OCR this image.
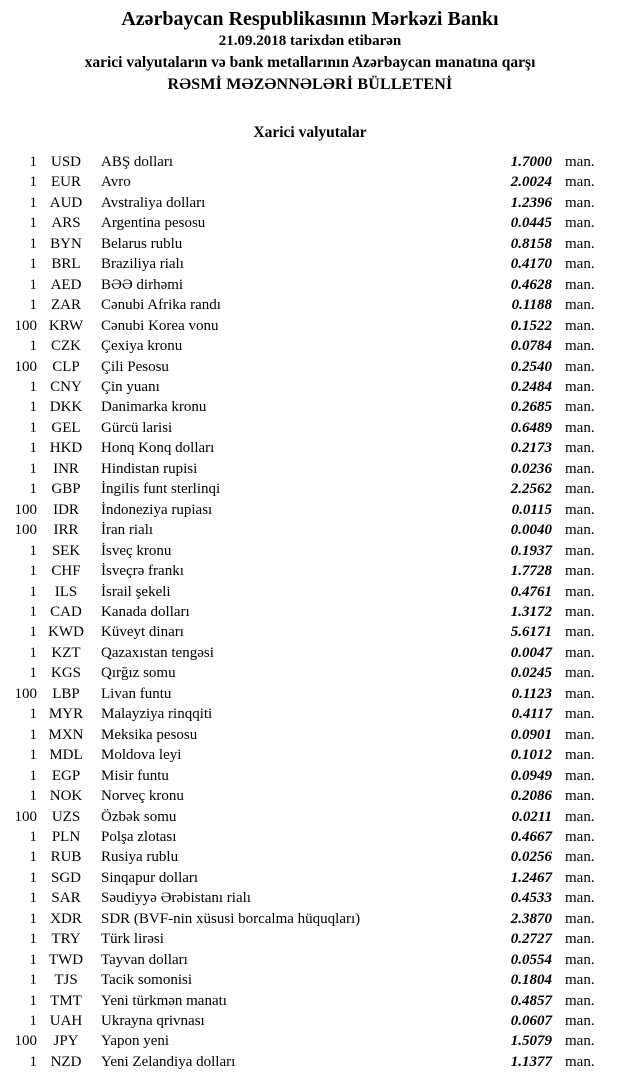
Azərbaycan Respublikasının Mərkəzi Bankı
21.09.2018 tarixdən etibarən
xarici valyutaların və bank metallarının Azərbaycan manatına qarşı
RƏSMİ MƏZƏNNƏLƏRİ BÜLLETENİ
Xarici valyutalar
1 USD	ABŞ dolları	1.7000 man.
1 EUR	Avro	2.0024 man.
1 AUD	Avstraliya dolları	1.2396 man.
1 ARS	Argentina pesosu	0.0445 man.
1 BYN	Belarus rublu	0.8158 man.
1 BRL	Braziliya rialı	0.4170 man.
1 AED	BƏƏ dirhəmi	0.4628 man.
1 ZAR	Cənubi Afrika randı	0.1188 man.
100 KRW	Cənubi Korea vonu	0.1522 man.
1 CZK	Çexiya kronu	0.0784 man.
100	CLP	Çili Pesosu	0.2540 man.
1 CNY	Çin yuanı	0.2484 man.
1 DKK	Danimarka kronu	0.2685 man.
1 GEL	Gürcü larisi	0.6489 man.
1 HKD	Honq Konq dolları	0.2173 man.
1	INR	Hindistan rupisi	0.0236 man.
1 GBP	İngilis funt sterlinqi	2.2562 man.
100	IDR	İndoneziya rupiası	0.0115 man.
100	IRR	İran rialı	0.0040 man.
1 SEK	İsveç kronu	0.1937 man.
1 CHF	İsveçrə frankı	1.7728 man.
1	ILS	İsrail şekeli	0.4761 man.
1 CAD	Kanada dolları	1.3172 man.
1 KWD	Küveyt dinarı	5.6171 man.
1 KZT	Qazaxıstan tengəsi	0.0047 man.
1 KGS	Qırğız somu	0.0245 man.
100	LBP	Livan funtu	0.1123 man.
1 MYR	Malayziya rinqqiti	0.4117 man.
1 MXN	Meksika pesosu	0.0901 man.
1 MDL	Moldova leyi	0.1012 man.
1 EGP	Misir funtu	0.0949 man.
1 NOK	Norveç kronu	0.2086 man.
100 UZS	Özbək somu	0.0211 man.
1 PLN	Polşa zlotası	0.4667 man.
1 RUB	Rusiya rublu	0.0256 man.
1 SGD	Sinqapur dolları	1.2467 man.
1 SAR	Səudiyyə Ərəbistanı rialı	0.4533 man.
1 XDR	SDR (BVF-nin xüsusi borcalma hüquqları)	2.3870 man.
1 TRY	Türk lirəsi	0.2727 man.
1 TWD	Tayvan dolları	0.0554 man.
1	TJS	Tacik somonisi	0.1804 man.
1 TMT	Yeni türkmən manatı	0.4857 man.
1 UAH	Ukrayna qrivnası	0.0607 man.
100	JPY	Yapon yeni	1.5079 man.
1 NZD	Yeni Zelandiya dolları	1.1377 man.
